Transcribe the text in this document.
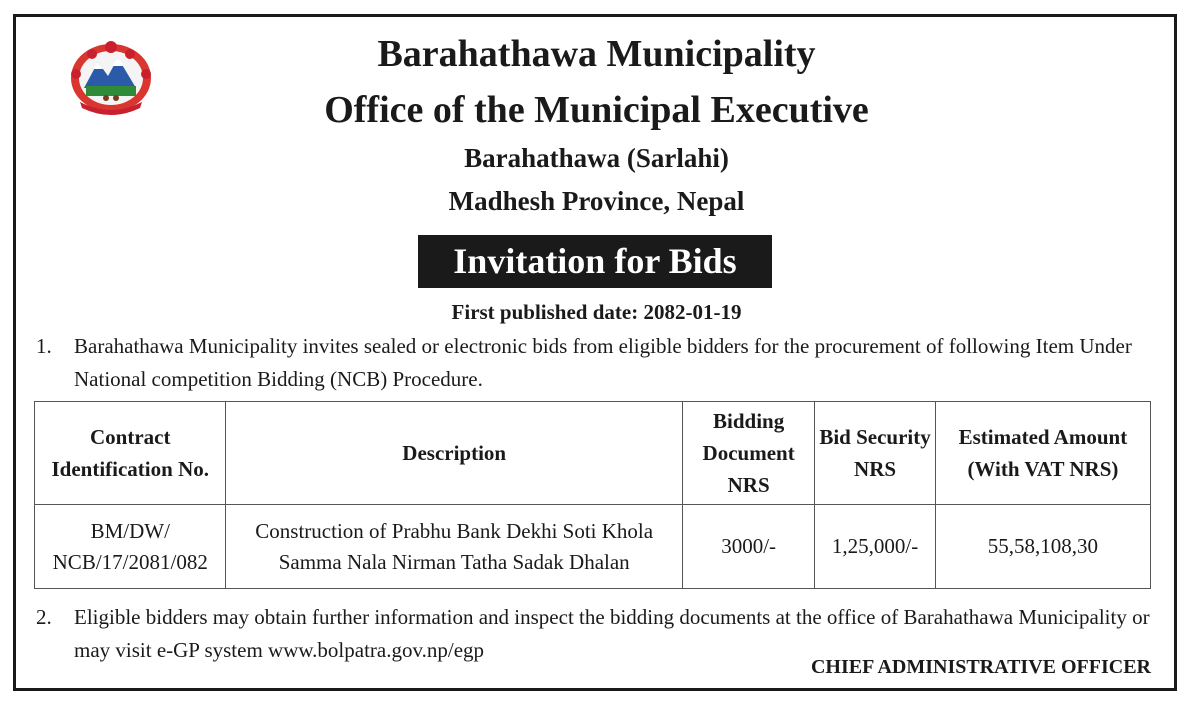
Barahathawa Municipality
Office of the Municipal Executive
Barahathawa (Sarlahi)
Madhesh Province, Nepal
Invitation for Bids
First published date: 2082-01-19
1. Barahathawa Municipality invites sealed or electronic bids from eligible bidders for the procurement of following Item Under National competition Bidding (NCB) Procedure.
Contract Identification No.	Description	Bidding Document NRS	Bid Security NRS	Estimated Amount (With VAT NRS)
BM/DW/ NCB/17/2081/082	Construction of Prabhu Bank Dekhi Soti Khola Samma Nala Nirman Tatha Sadak Dhalan	3000/-	1,25,000/-	55,58,108,30
2. Eligible bidders may obtain further information and inspect the bidding documents at the office of Barahathawa Municipality or may visit e-GP system www.bolpatra.gov.np/egp
CHIEF ADMINISTRATIVE OFFICER
